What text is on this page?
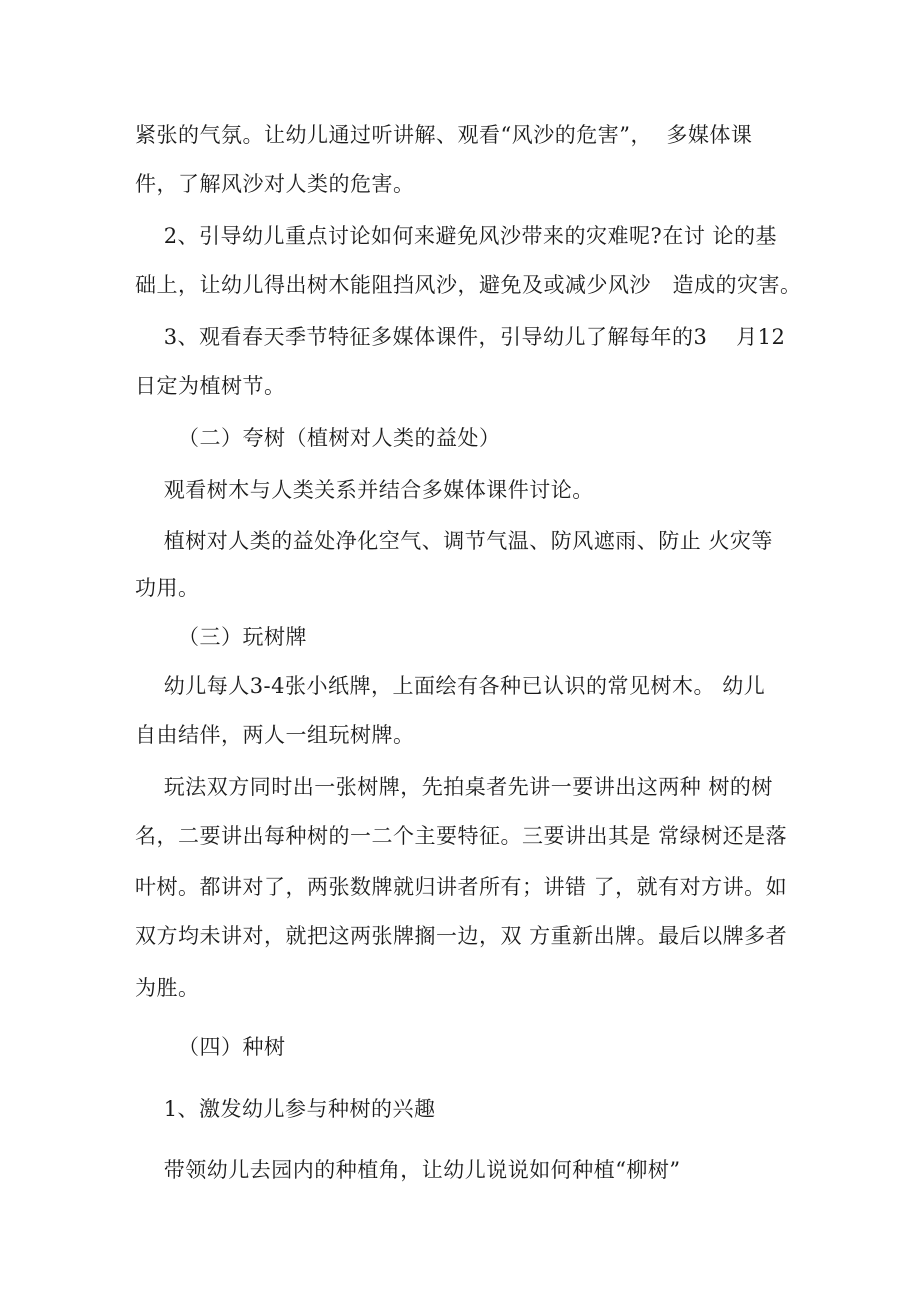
紧张的气氛。让幼儿通过听讲解、观看“风沙的危害”，  多媒体课
件，了解风沙对人类的危害。
2、引导幼儿重点讨论如何来避免风沙带来的灾难呢?在讨 论的基
础上，让幼儿得出树木能阻挡风沙，避免及或减少风沙   造成的灾害。
3、观看春天季节特征多媒体课件，引导幼儿了解每年的3    月12
日定为植树节。
（二）夸树（植树对人类的益处）
观看树木与人类关系并结合多媒体课件讨论。
植树对人类的益处净化空气、调节气温、防风遮雨、防止 火灾等
功用。
（三）玩树牌
幼儿每人3-4张小纸牌，上面绘有各种已认识的常见树木。 幼儿
自由结伴，两人一组玩树牌。
玩法双方同时出一张树牌，先拍桌者先讲一要讲出这两种 树的树
名，二要讲出每种树的一二个主要特征。三要讲出其是 常绿树还是落
叶树。都讲对了，两张数牌就归讲者所有；讲错 了，就有对方讲。如
双方均未讲对，就把这两张牌搁一边，双 方重新出牌。最后以牌多者
为胜。
（四）种树
1、激发幼儿参与种树的兴趣
带领幼儿去园内的种植角，让幼儿说说如何种植“柳树”
